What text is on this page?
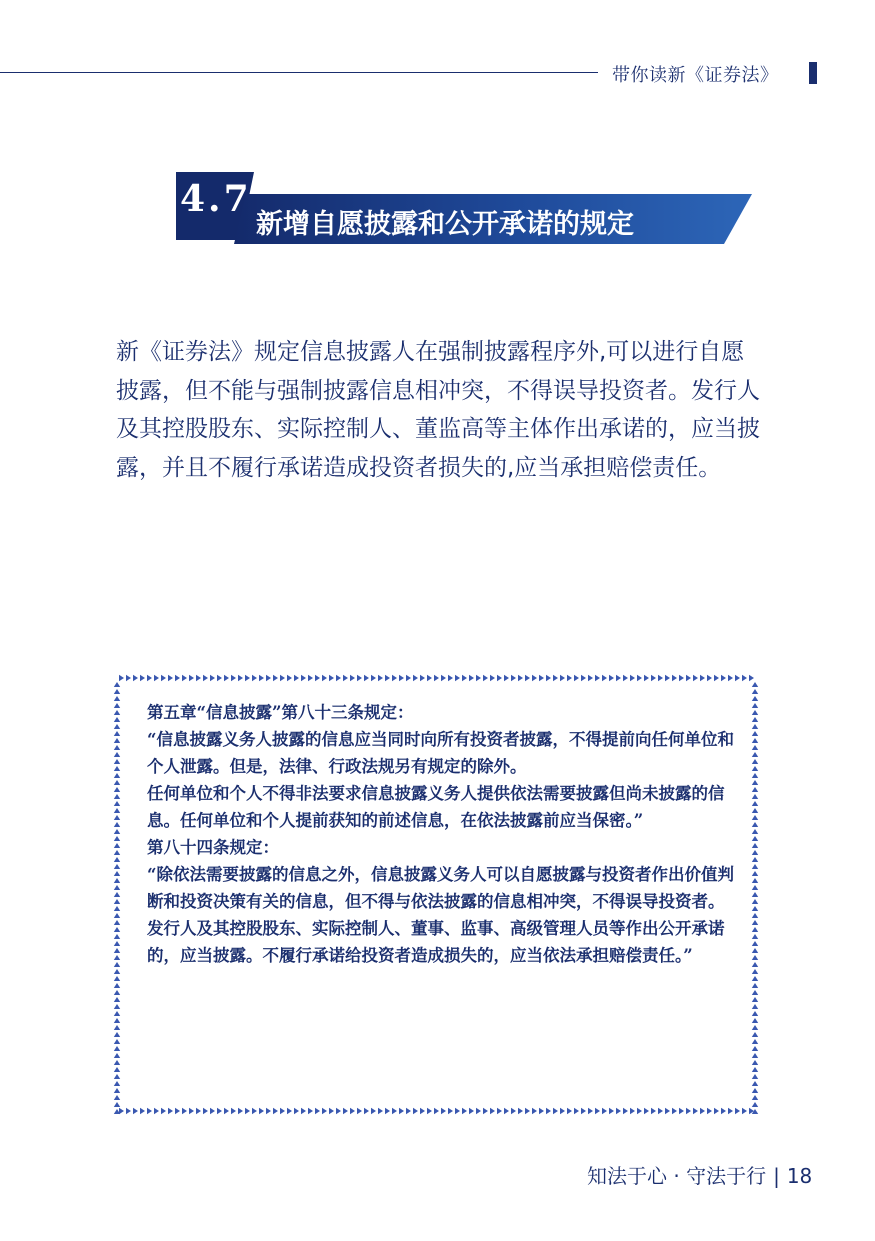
带你读新《证券法》
4.7
新增自愿披露和公开承诺的规定

新《证券法》规定信息披露人在强制披露程序外,可以进行自愿披露，但不能与强制披露信息相冲突，不得误导投资者。发行人及其控股股东、实际控制人、董监高等主体作出承诺的，应当披露，并且不履行承诺造成投资者损失的,应当承担赔偿责任。

第五章“信息披露”第八十三条规定：

“信息披露义务人披露的信息应当同时向所有投资者披露，不得提前向任何单位和个人泄露。但是，法律、行政法规另有规定的除外。

任何单位和个人不得非法要求信息披露义务人提供依法需要披露但尚未披露的信息。任何单位和个人提前获知的前述信息，在依法披露前应当保密。”

第八十四条规定：

“除依法需要披露的信息之外，信息披露义务人可以自愿披露与投资者作出价值判断和投资决策有关的信息，但不得与依法披露的信息相冲突，不得误导投资者。

发行人及其控股股东、实际控制人、董事、监事、高级管理人员等作出公开承诺的，应当披露。不履行承诺给投资者造成损失的，应当依法承担赔偿责任。”

知法于心 · 守法于行 | 18
